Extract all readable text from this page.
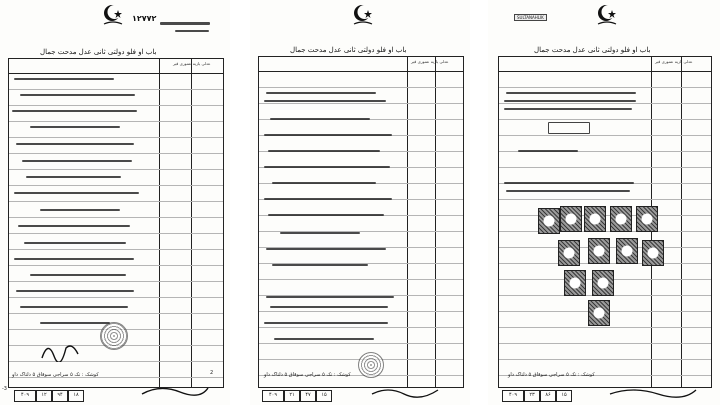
۱۲۷۷۲
باب او فلو دولتی ثانی عدل مدحت جمال
عدلی یازیه عموری قیر
کوشک : تک ۵ سراجی سوقاق ۵ دلتاک داو
-3
2
۴۰۹	۱۲	۹۴	۱۸
باب او فلو دولتی ثانی عدل مدحت جمال
عدلی یازیه عموری قیر
کوشک : تک ۵ سراجی سوقاق ۵ دلتاک داو
۴۰۹	۲۱	۴۷	۱۵
SULTANAHLIK
باب او فلو دولتی ثانی عدل مدحت جمال
عدلی یازیه عموری قیر
کوشک : تک ۵ سراجی سوقاق ۵ دلتاک داو
۴۰۹	۲۳	۸۶	۱۵
